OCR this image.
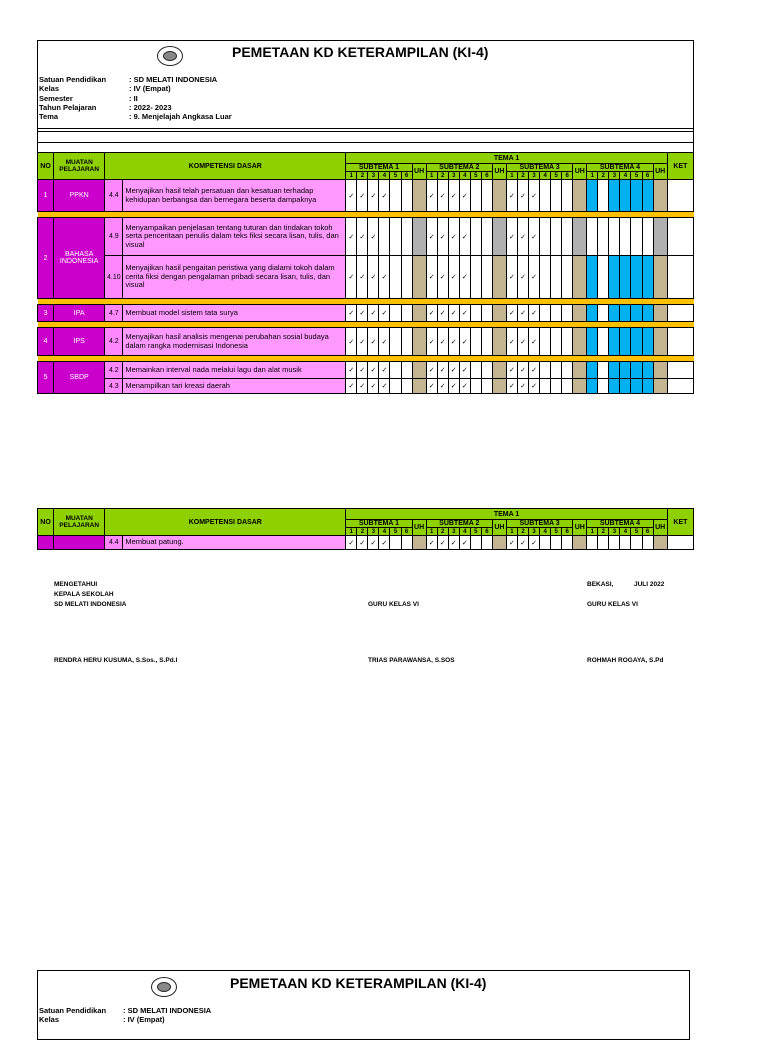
PEMETAAN KD KETERAMPILAN (KI-4)
Satuan Pendidikan	: SD MELATI INDONESIA
Kelas	: IV (Empat)
Semester	: II
Tahun Pelajaran	: 2022- 2023
Tema	: 9. Menjelajah Angkasa Luar
NO	MUATAN PELAJARAN	KOMPETENSI DASAR		TEMA 1																												KET
				SUBTEMA 1						UH	SUBTEMA 2						UH	SUBTEMA 3						UH	SUBTEMA 4						UH	
				1	2	3	4	5	6		1	2	3	4	5	6		1	2	3	4	5	6		1	2	3	4	5	6		
1	PPKN	4.4	Menyajikan hasil telah persatuan dan kesatuan terhadap kehidupan berbangsa dan bernegara beserta dampaknya	✓	✓	✓	✓				✓	✓	✓	✓				✓	✓	✓												

2	BAHASA INDONESIA	4.9	Menyampaikan penjelasan tentang tuturan dan tindakan tokoh serta penceritaan penulis dalam teks fiksi secara lisan, tulis, dan visual	✓	✓	✓					✓	✓	✓	✓				✓	✓	✓												
		4.10	Menyajikan hasil pengaitan peristiwa yang dialami tokoh dalam cerita fiksi dengan pengalaman pribadi secara lisan, tulis, dan visual	✓	✓	✓	✓				✓	✓	✓	✓				✓	✓	✓												

3	IPA	4.7	Membuat model sistem tata surya	✓	✓	✓	✓				✓	✓	✓	✓				✓	✓	✓												

4	IPS	4.2	Menyajikan hasil analisis mengenai perubahan sosial budaya dalam rangka modernisasi Indonesia	✓	✓	✓	✓				✓	✓	✓	✓				✓	✓	✓												

5	SBDP	4.2	Memainkan interval nada melalui lagu dan alat musik	✓	✓	✓	✓				✓	✓	✓	✓				✓	✓	✓												
		4.3	Menampilkan tari kreasi daerah	✓	✓	✓	✓				✓	✓	✓	✓				✓	✓	✓												
NO	MUATAN PELAJARAN	KOMPETENSI DASAR		TEMA 1																												KET
				SUBTEMA 1						UH	SUBTEMA 2						UH	SUBTEMA 3						UH	SUBTEMA 4						UH	
				1	2	3	4	5	6		1	2	3	4	5	6		1	2	3	4	5	6		1	2	3	4	5	6		
		4.4	Membuat patung.	✓	✓	✓	✓				✓	✓	✓	✓				✓	✓	✓												
MENGETAHUI
KEPALA SEKOLAH
SD MELATI INDONESIA
RENDRA HERU KUSUMA, S.Sos., S.Pd.I
GURU KELAS VI
TRIAS PARAWANSA, S.SOS
BEKASI,	JULI 2022
GURU KELAS VI
ROHMAH ROGAYA, S.Pd
PEMETAAN KD KETERAMPILAN (KI-4)
Satuan Pendidikan : SD MELATI INDONESIA
Kelas	: IV (Empat)
